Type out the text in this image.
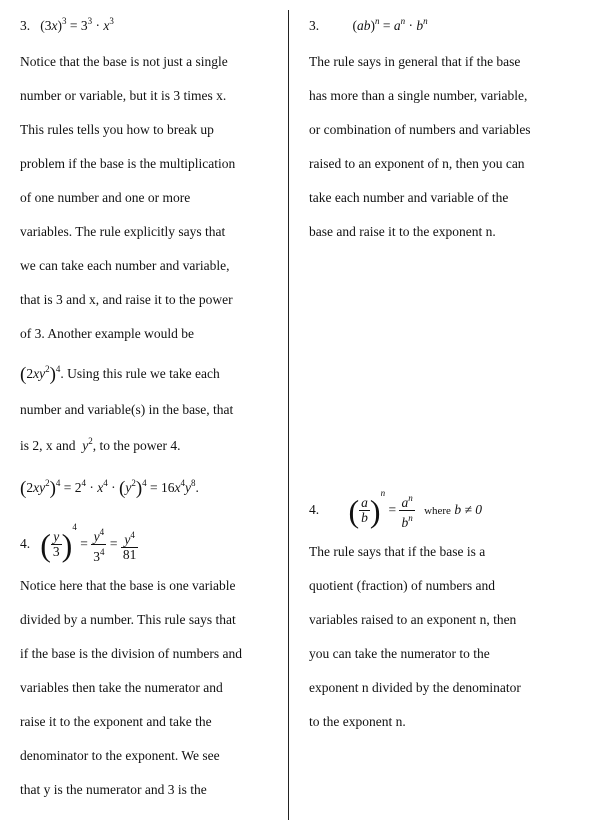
3. $(3x)^3 = 3^3 \cdot x^3$
Notice that the base is not just a single
number or variable, but it is 3 times x.
This rules tells you how to break up
problem if the base is the multiplication
of one number and one or more
variables. The rule explicitly says that
we can take each number and variable,
that is 3 and x, and raise it to the power
of 3. Another example would be
$(2xy^2)^4$. Using this rule we take each
number and variable(s) in the base, that
is 2, x and $y^2$, to the power 4.
$(2xy^2)^4 = 2^4 \cdot x^4 \cdot (y^2)^4 = 16x^4y^8$.
4. ( $\frac{y}{3} )^4 = \frac{y^4}{3^4} = \frac{y^4}{81}$
Notice here that the base is one variable
divided by a number. This rule says that
if the base is the division of numbers and
variables then take the numerator and
raise it to the exponent and take the
denominator to the exponent. We see
that y is the numerator and 3 is the
3. $(ab)^n = a^n \cdot b^n$
The rule says in general that if the base
has more than a single number, variable,
or combination of numbers and variables
raised to an exponent of n, then you can
take each number and variable of the
base and raise it to the exponent n.
4. ( $\frac{a}{b} )^n = \frac{a^n}{b^n}$ where b ≠ 0
The rule says that if the base is a
quotient (fraction) of numbers and
variables raised to an exponent n, then
you can take the numerator to the
exponent n divided by the denominator
to the exponent n.
